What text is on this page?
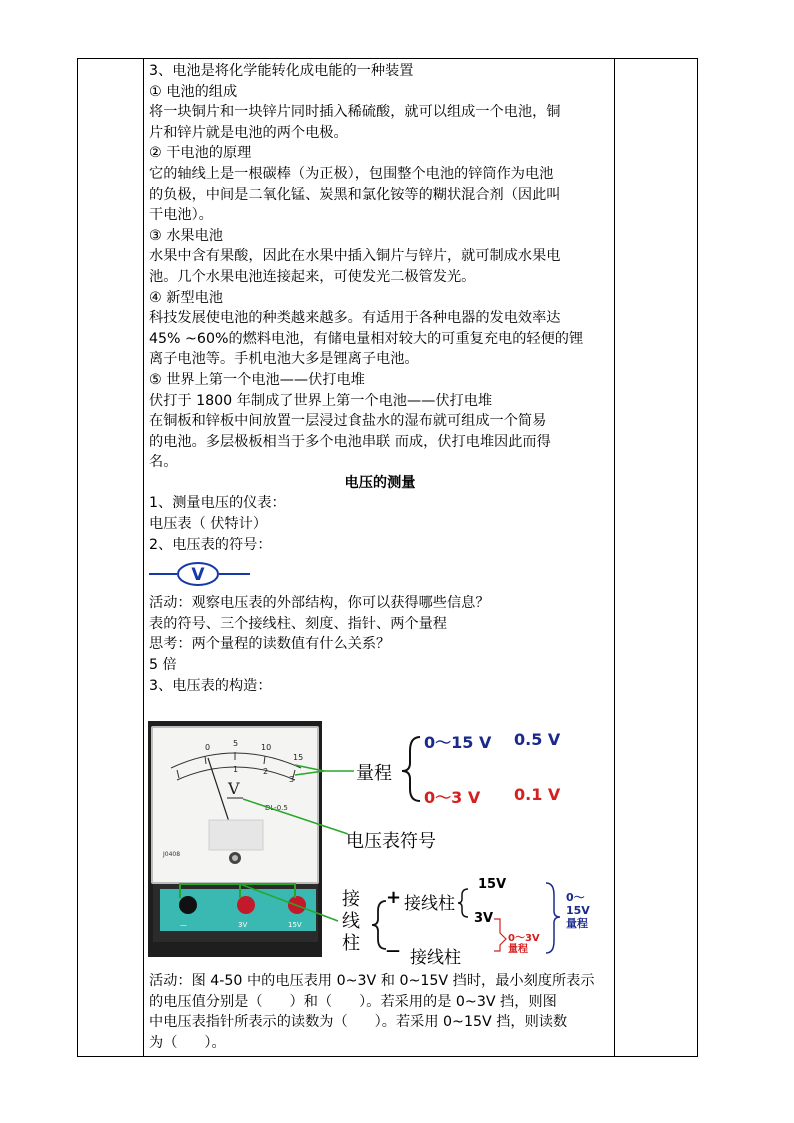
3、电池是将化学能转化成电能的一种装置

① 电池的组成

将一块铜片和一块锌片同时插入稀硫酸，就可以组成一个电池，铜

片和锌片就是电池的两个电极。

② 干电池的原理

它的轴线上是一根碳棒（为正极），包围整个电池的锌筒作为电池

的负极，中间是二氧化锰、炭黑和氯化铵等的糊状混合剂（因此叫

干电池）。

③ 水果电池

水果中含有果酸，因此在水果中插入铜片与锌片，就可制成水果电

池。几个水果电池连接起来，可使发光二极管发光。

④ 新型电池

科技发展使电池的种类越来越多。有适用于各种电器的发电效率达

45% ~60%的燃料电池，有储电量相对较大的可重复充电的轻便的锂

离子电池等。手机电池大多是锂离子电池。

⑤ 世界上第一个电池——伏打电堆

伏打于 1800 年制成了世界上第一个电池——伏打电堆

在铜板和锌板中间放置一层浸过食盐水的湿布就可组成一个简易

的电池。多层极板相当于多个电池串联 而成，伏打电堆因此而得

名。

电压的测量

1、测量电压的仪表：

电压表（ 伏特计）

2、电压表的符号：

V

活动：观察电压表的外部结构，你可以获得哪些信息？

表的符号、三个接线柱、刻度、指针、两个量程

思考：两个量程的读数值有什么关系？

5 倍

3、电压表的构造：

0	5	10
15
1	2
3
V
DL-0.5
J0408
—	3V	15V
量程
0～15 V 0.5 V
0～3 V 0.1 V
电压表符号
接
线
柱
+ 接线柱
— 接线柱
15V
3V
0～3V
量程
0～
15V
量程

活动：图 4-50 中的电压表用 0~3V 和 0~15V 挡时，最小刻度所表示

的电压值分别是（      ）和（      ）。若采用的是 0~3V 挡，则图

中电压表指针所表示的读数为（      ）。若采用 0~15V 挡，则读数

为（      ）。
